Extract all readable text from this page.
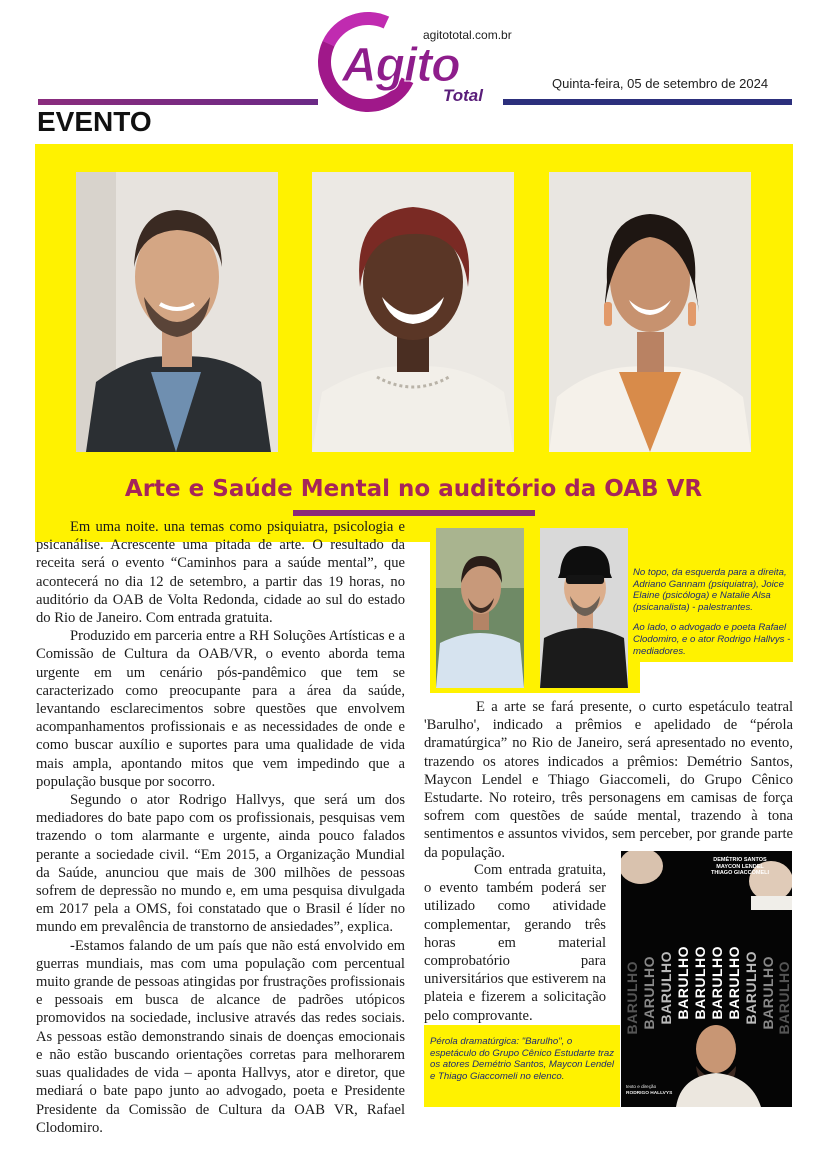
agitototal.com.br
Agito
Total
Quinta-feira, 05 de setembro de 2024
EVENTO
Arte e Saúde Mental no auditório da OAB VR

Em uma noite. una temas como psiquiatra, psicologia e psicanálise. Acrescente uma pitada de arte. O resultado da receita será o evento “Caminhos para a saúde mental”, que acontecerá no dia 12 de setembro, a partir das 19 horas, no auditório da OAB de Volta Redonda, cidade ao sul do estado do Rio de Janeiro. Com entrada gratuita.

Produzido em parceria entre a RH Soluções Artísticas e a Comissão de Cultura da OAB/VR, o evento aborda tema urgente em um cenário pós-pandêmico que tem se caracterizado como preocupante para a área da saúde, levantando esclarecimentos sobre questões que envolvem acompanhamentos profissionais e as necessidades de onde e como buscar auxílio e suportes para uma qualidade de vida mais ampla, apontando mitos que vem impedindo que a população busque por socorro.

Segundo o ator Rodrigo Hallvys, que será um dos mediadores do bate papo com os profissionais, pesquisas vem trazendo o tom alarmante e urgente, ainda pouco falados perante a sociedade civil. “Em 2015, a Organização Mundial da Saúde, anunciou que mais de 300 milhões de pessoas sofrem de depressão no mundo e, em uma pesquisa divulgada em 2017 pela a OMS, foi constatado que o Brasil é líder no mundo em prevalência de transtorno de ansiedades”, explica.

-Estamos falando de um país que não está envolvido em guerras mundiais, mas com uma população com percentual muito grande de pessoas atingidas por frustrações profissionais e pessoais em busca de alcance de padrões utópicos promovidos na sociedade, inclusive através das redes sociais. As pessoas estão demonstrando sinais de doenças emocionais e não estão buscando orientações corretas para melhorarem suas qualidades de vida – aponta Hallvys, ator e diretor, que mediará o bate papo junto ao advogado, poeta e Presidente Presidente da Comissão de Cultura da OAB VR, Rafael Clodomiro.

No topo, da esquerda para a direita, Adriano Gannam (psiquiatra), Joice Elaine (psicóloga) e Natalie Alsa (psicanalista) - palestrantes.
Ao lado, o advogado e poeta Rafael Clodomiro, e o ator Rodrigo Hallvys - mediadores.

E a arte se fará presente, o curto espetáculo teatral 'Barulho', indicado a prêmios e apelidado de “pérola dramatúrgica” no Rio de Janeiro, será apresentado no evento, trazendo os atores indicados a prêmios: Demétrio Santos, Maycon Lendel e Thiago Giaccomeli, do Grupo Cênico Estudarte. No roteiro, três personagens em camisas de força sofrem com questões de saúde mental, trazendo à tona sentimentos e assuntos vividos, sem perceber, por grande parte da população.

Com entrada gratuita, o evento também poderá ser utilizado como atividade complementar, gerando três horas em material comprobatório para universitários que estiverem na plateia e fizerem a solicitação pelo comprovante.

Pérola dramatúrgica: "Barulho", o espetáculo do Grupo Cênico Estudarte traz os atores Demétrio Santos, Maycon Lendel e Thiago Giaccomeli no elenco.
DEMÉTRIO SANTOS
MAYCON LENDEL
THIAGO GIACCOMELI
BARULHO BARULHO BARULHO BARULHO BARULHO BARULHO BARULHO BARULHO BARULHO BARULHO
texto e direção
RODRIGO HALLVYS
